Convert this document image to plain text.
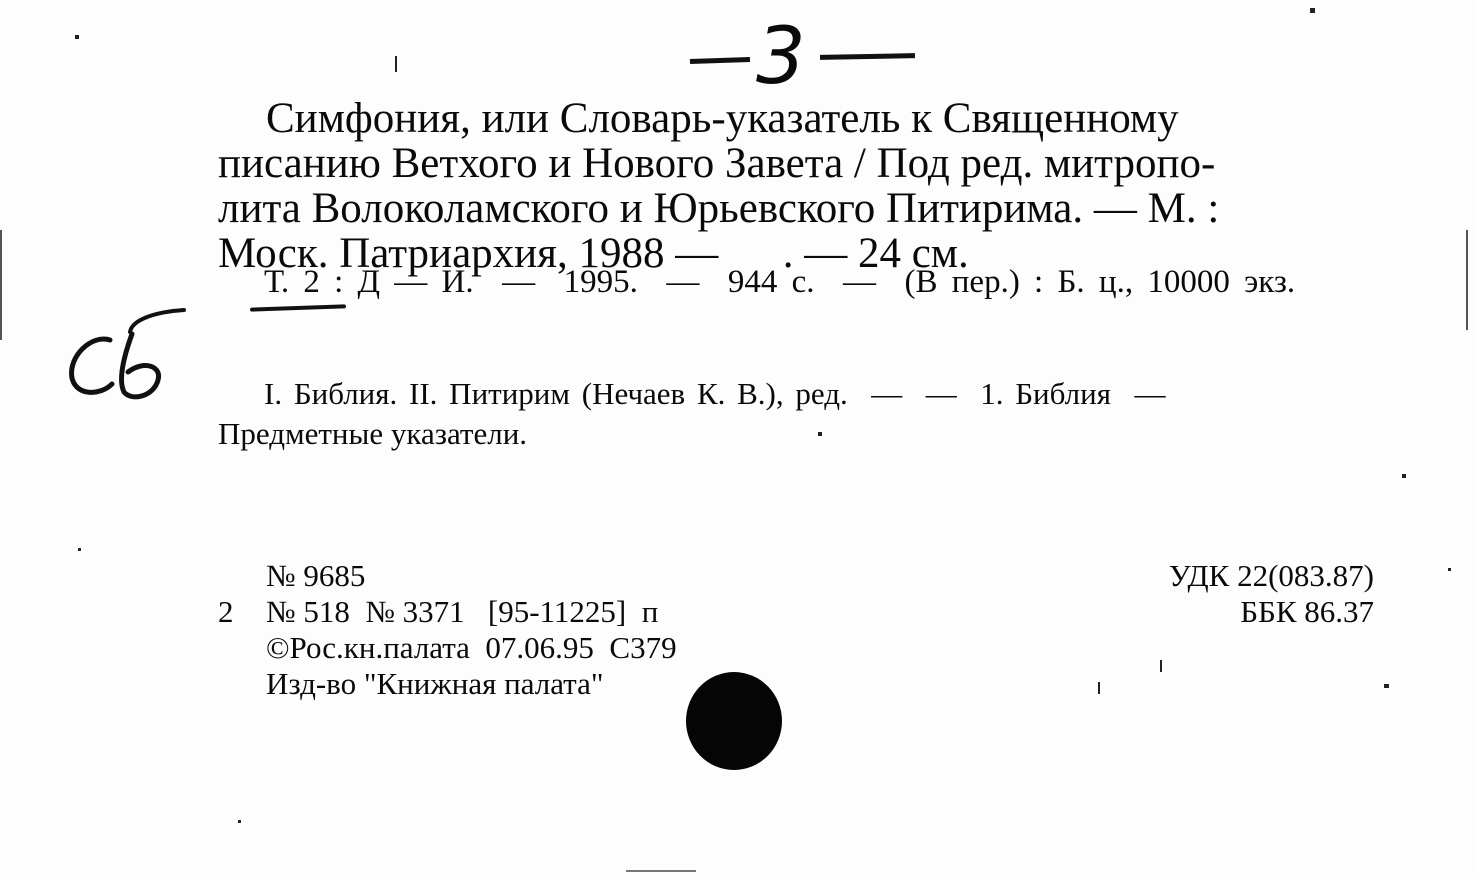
3
Симфония, или Словарь-указатель к Священному
писанию Ветхого и Нового Завета / Под ред. митропо-
лита Волоколамского и Юрьевского Питирима. — М. :
Моск. Патриархия, 1988 —      . — 24 см.
Т. 2 : Д — И.  —  1995.  —  944 с.  —  (В пер.) : Б. ц., 10000 экз.
I. Библия. II. Питирим (Нечаев К. В.), ред.  —  —  1. Библия  —
Предметные указатели.
№ 9685
2	№ 518  № 3371   [95-11225]  п
©Рос.кн.палата  07.06.95  С379
Изд-во "Книжная палата"
УДК 22(083.87)
ББК 86.37
